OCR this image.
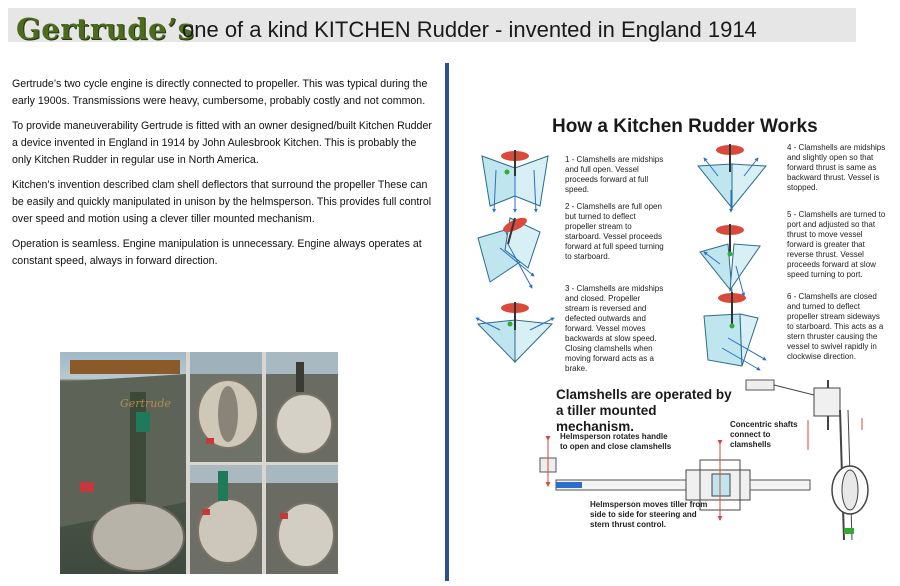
Gertrude’s
one of a kind KITCHEN Rudder - invented in England 1914

Gertrude’s two cycle engine is directly connected to propeller. This was typical during the early 1900s. Transmissions were heavy, cumbersome, probably costly and not common.

To provide maneuverability Gertrude is fitted with an owner designed/built Kitchen Rudder a device invented in England in 1914 by John Aulesbrook Kitchen. This is probably the only Kitchen Rudder in regular use in North America.

Kitchen’s invention described clam shell deflectors that surround the propeller These can be easily and quickly manipulated in unison by the helmsperson. This provides full control over speed and motion using a clever tiller mounted mechanism.

Operation is seamless. Engine manipulation is unnecessary. Engine always operates at constant speed, always in forward direction.

Gertrude
How a Kitchen Rudder Works
1 - Clamshells are midships and full open. Vessel proceeds forward at full speed.
2 - Clamshells are full open but turned to deflect propeller stream to starboard. Vessel proceeds forward at full speed turning to starboard.
3 - Clamshells are midships and closed. Propeller stream is reversed and defected outwards and forward. Vessel moves backwards at slow speed. Closing clamshells when moving forward acts as a brake.
4 - Clamshells are midships and slightly open so that forward thrust is same as backward thrust. Vessel is stopped.
5 - Clamshells are turned to port and adjusted so that thrust to move vessel forward is greater that reverse thrust. Vessel proceeds forward at slow speed turning to port.
6 - Clamshells are closed and turned to deflect propeller stream sideways to starboard. This acts as a stern thruster causing the vessel to swivel rapidly in clockwise direction.
Clamshells are operated by a tiller mounted mechanism.
Helmsperson rotates handle to open and close clamshells
Concentric shafts connect to clamshells
Helmsperson moves tiller from side to side for steering and stern thrust control.
